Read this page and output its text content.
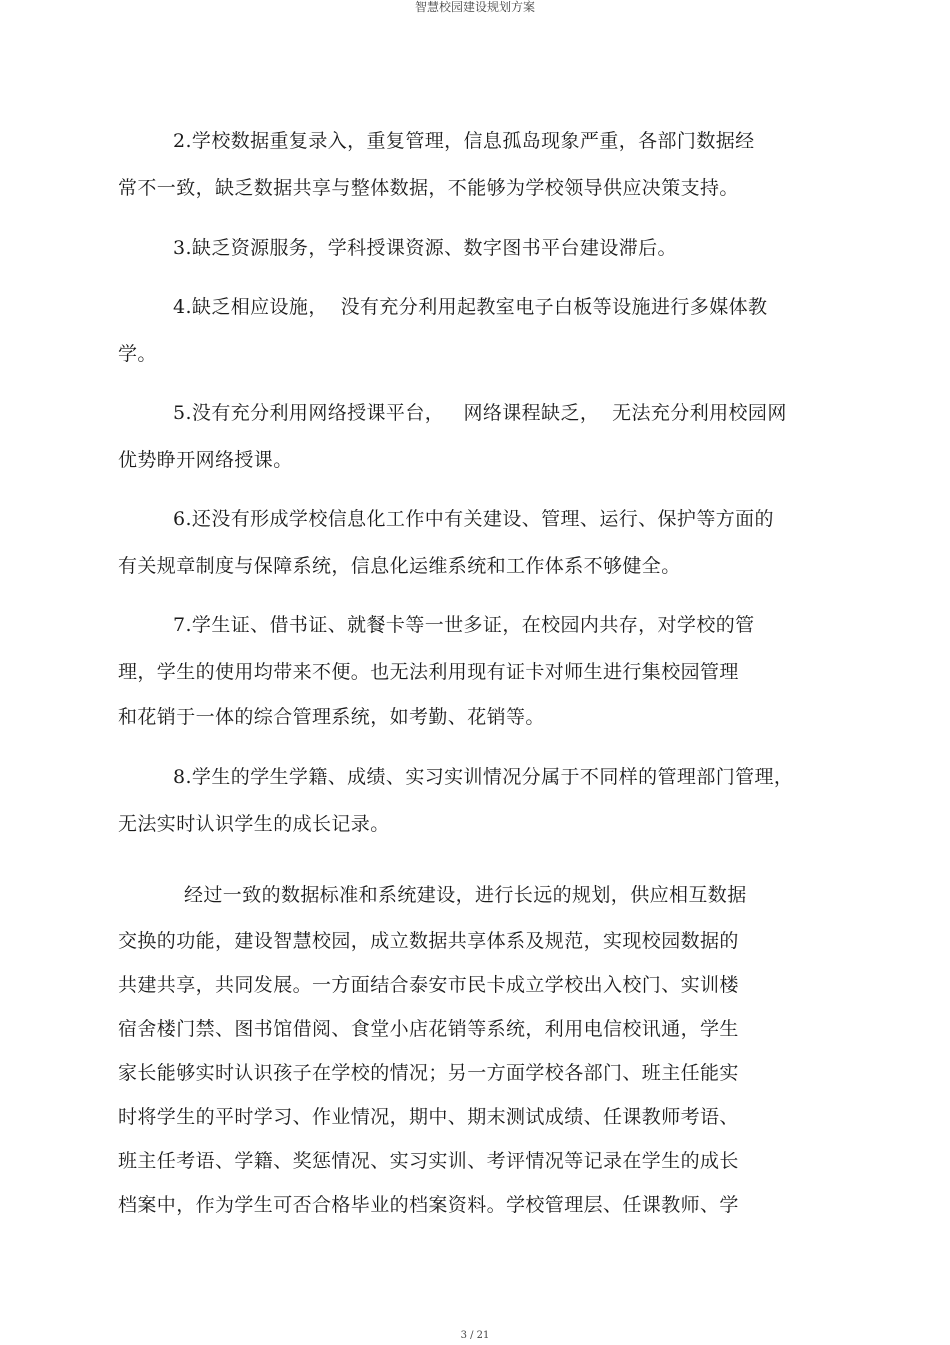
智慧校园建设规划方案
2.学校数据重复录入，重复管理，信息孤岛现象严重，各部门数据经
常不一致，缺乏数据共享与整体数据，不能够为学校领导供应决策支持。
3.缺乏资源服务，学科授课资源、数字图书平台建设滞后。
4.缺乏相应设施，  没有充分利用起教室电子白板等设施进行多媒体教
学。
5.没有充分利用网络授课平台，   网络课程缺乏，  无法充分利用校园网
优势睁开网络授课。
6.还没有形成学校信息化工作中有关建设、管理、运行、保护等方面的
有关规章制度与保障系统，信息化运维系统和工作体系不够健全。
7.学生证、借书证、就餐卡等一世多证，在校园内共存，对学校的管
理，学生的使用均带来不便。也无法利用现有证卡对师生进行集校园管理
和花销于一体的综合管理系统，如考勤、花销等。
8.学生的学生学籍、成绩、实习实训情况分属于不同样的管理部门管理，
无法实时认识学生的成长记录。
经过一致的数据标准和系统建设，进行长远的规划，供应相互数据
交换的功能，建设智慧校园，成立数据共享体系及规范，实现校园数据的
共建共享，共同发展。一方面结合泰安市民卡成立学校出入校门、实训楼
宿舍楼门禁、图书馆借阅、食堂小店花销等系统，利用电信校讯通，学生
家长能够实时认识孩子在学校的情况；另一方面学校各部门、班主任能实
时将学生的平时学习、作业情况，期中、期末测试成绩、任课教师考语、
班主任考语、学籍、奖惩情况、实习实训、考评情况等记录在学生的成长
档案中，作为学生可否合格毕业的档案资料。学校管理层、任课教师、学
3 / 21
